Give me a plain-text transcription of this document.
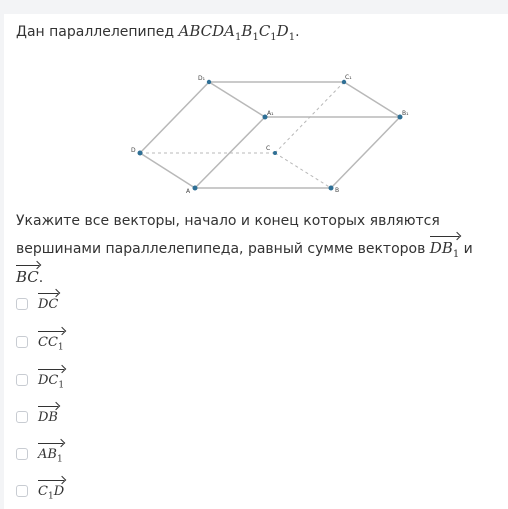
Дан параллелепипед $ABCDA_1B_1C_1D_1$.
D₁	C₁
A₁	B₁
D	C
A	B
Укажите все векторы, начало и конец которых являются вершинами параллелепипеда, равный сумме векторов
$DB_1$ и
BC.
DC
$CC_1$
$DC_1$
DB
$AB_1$
$C_1D$
